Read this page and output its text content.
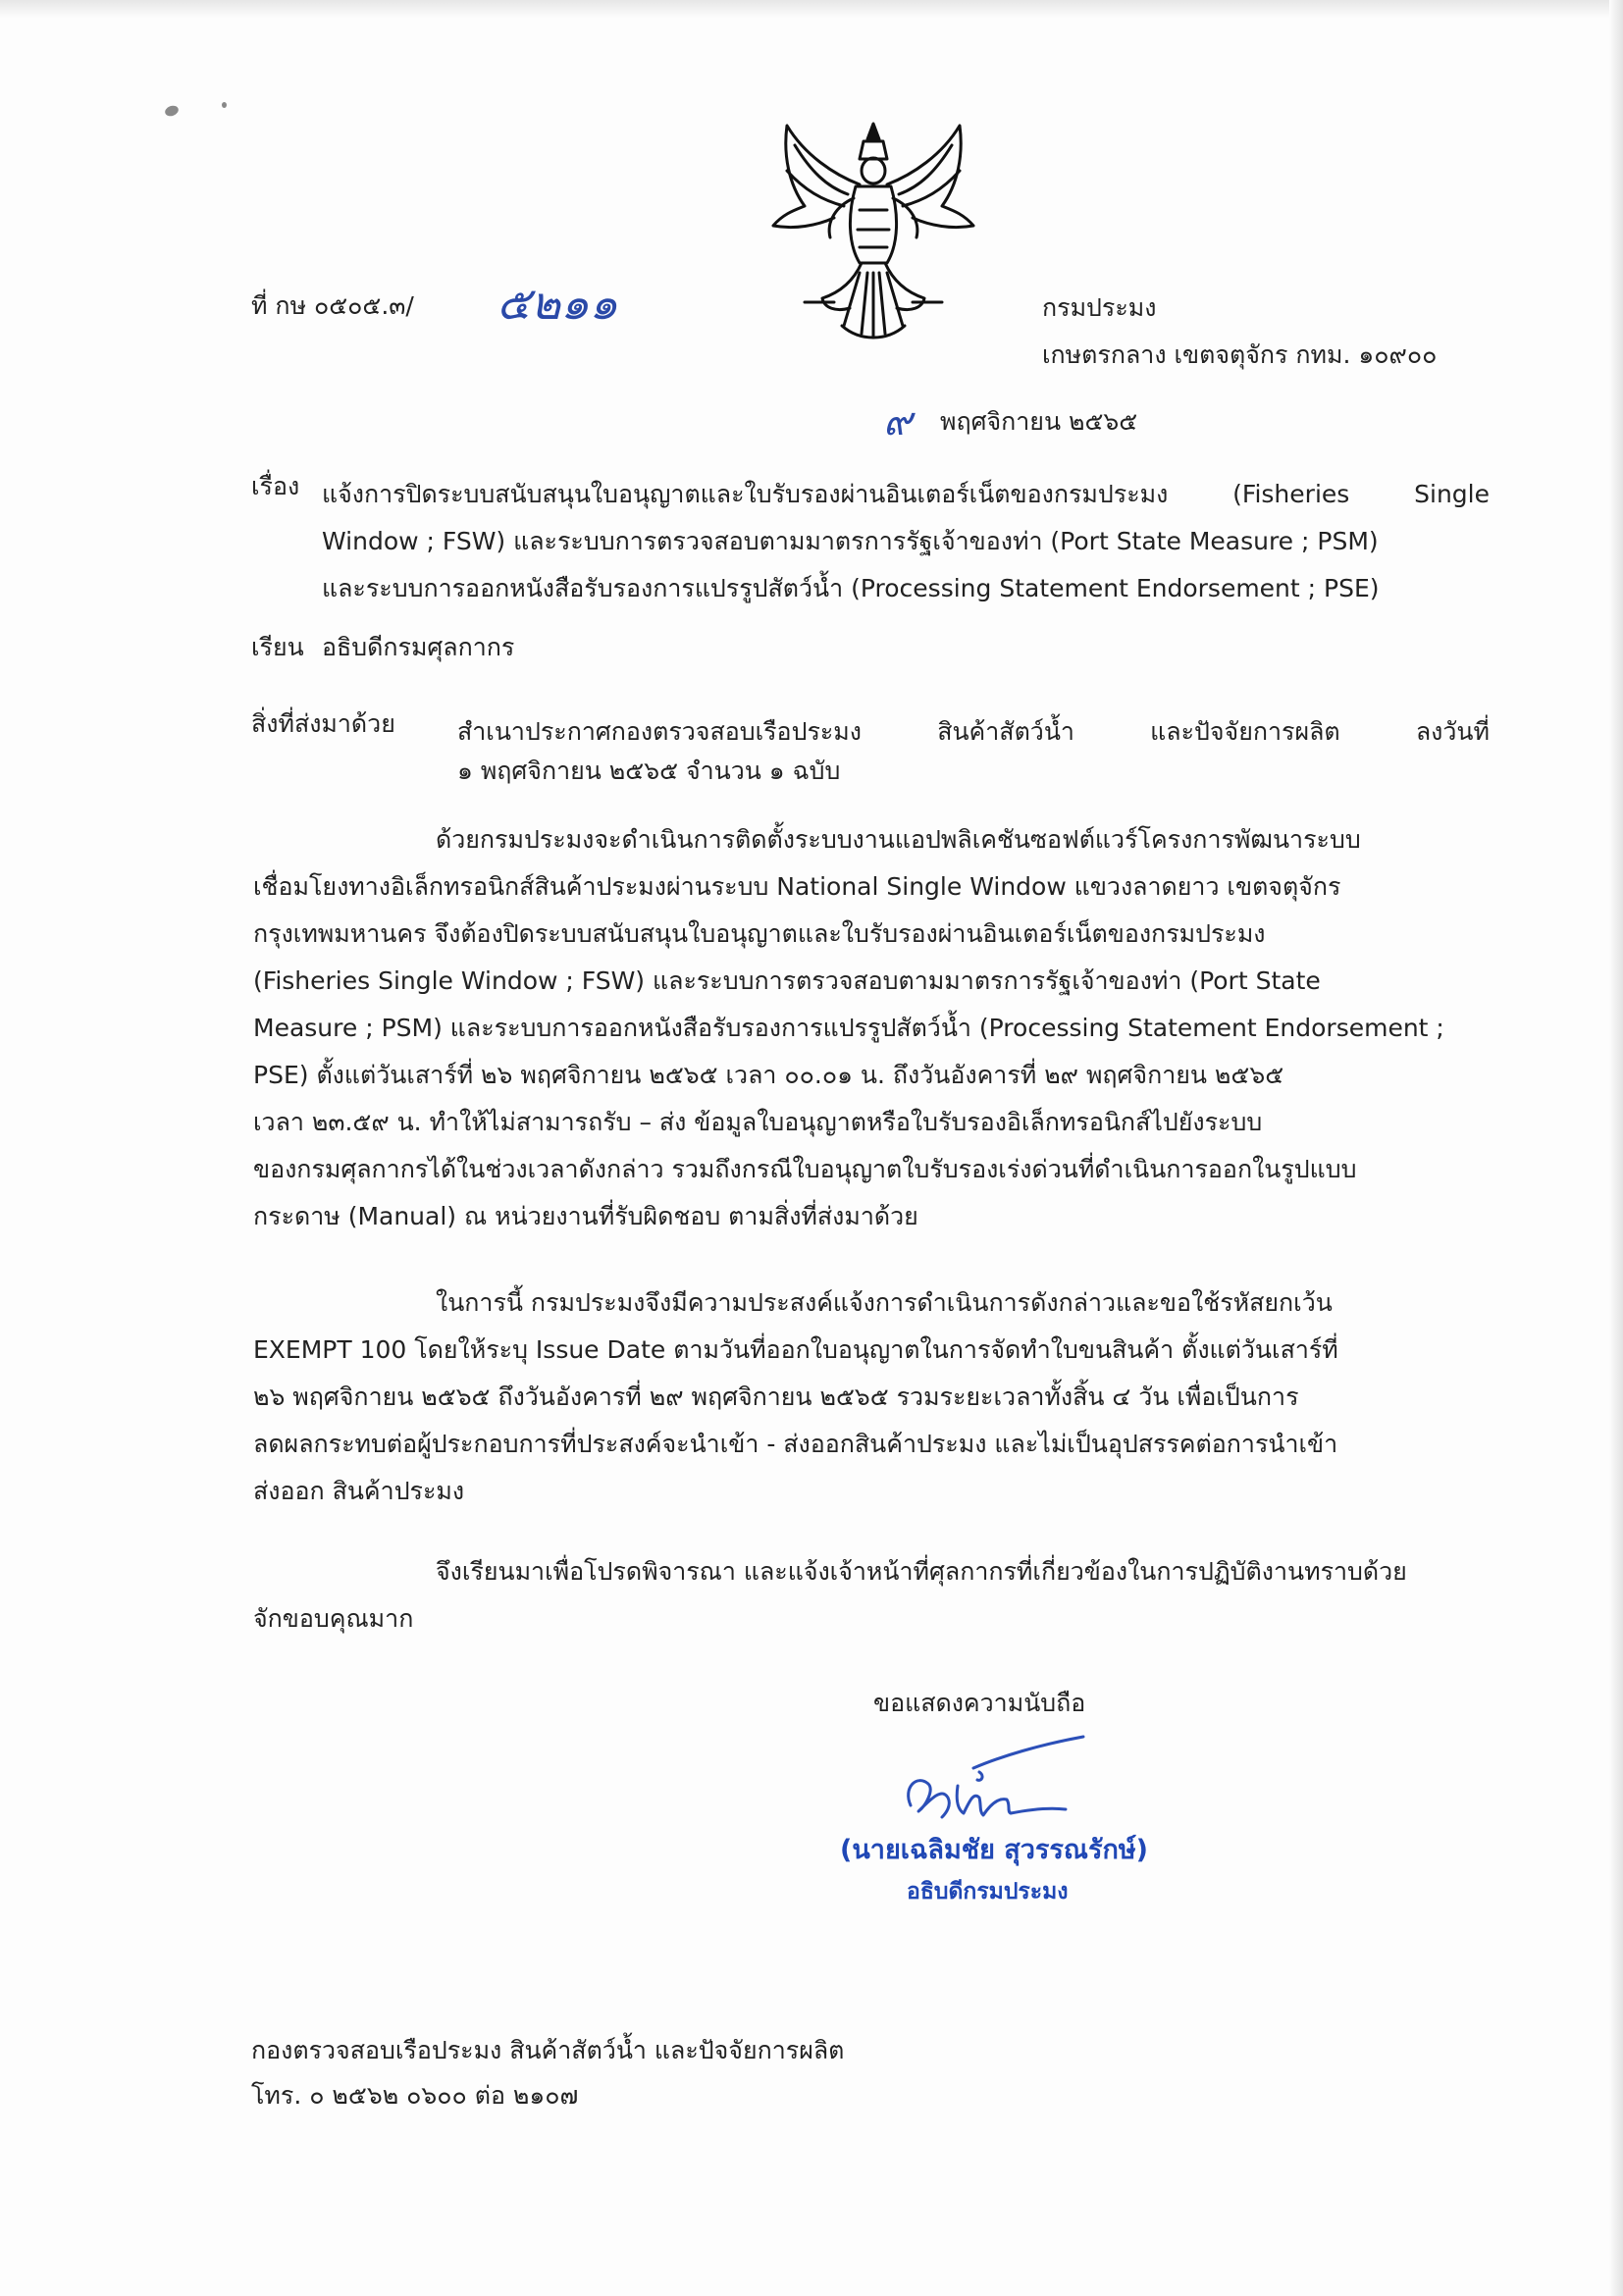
ที่ กษ ๐๕๐๕.๓/ ๕๒๑๑	กรมประมง
เกษตรกลาง เขตจตุจักร กทม. ๑๐๙๐๐
๙ พฤศจิกายน ๒๕๖๕
เรื่อง แจ้งการปิดระบบสนับสนุนใบอนุญาตและใบรับรองผ่านอินเตอร์เน็ตของกรมประมง (Fisheries Single
Window ; FSW) และระบบการตรวจสอบตามมาตรการรัฐเจ้าของท่า (Port State Measure ; PSM)
และระบบการออกหนังสือรับรองการแปรรูปสัตว์น้ำ (Processing Statement Endorsement ; PSE)
เรียน อธิบดีกรมศุลกากร
สิ่งที่ส่งมาด้วย	สำเนาประกาศกองตรวจสอบเรือประมง สินค้าสัตว์น้ำ และปัจจัยการผลิต ลงวันที่
๑ พฤศจิกายน ๒๕๖๕ จำนวน ๑ ฉบับ
ด้วยกรมประมงจะดำเนินการติดตั้งระบบงานแอปพลิเคชันซอฟต์แวร์โครงการพัฒนาระบบ
เชื่อมโยงทางอิเล็กทรอนิกส์สินค้าประมงผ่านระบบ National Single Window แขวงลาดยาว เขตจตุจักร
กรุงเทพมหานคร จึงต้องปิดระบบสนับสนุนใบอนุญาตและใบรับรองผ่านอินเตอร์เน็ตของกรมประมง
(Fisheries Single Window ; FSW) และระบบการตรวจสอบตามมาตรการรัฐเจ้าของท่า (Port State
Measure ; PSM) และระบบการออกหนังสือรับรองการแปรรูปสัตว์น้ำ (Processing Statement Endorsement ;
PSE) ตั้งแต่วันเสาร์ที่ ๒๖ พฤศจิกายน ๒๕๖๕ เวลา ๐๐.๐๑ น. ถึงวันอังคารที่ ๒๙ พฤศจิกายน ๒๕๖๕
เวลา ๒๓.๕๙ น. ทำให้ไม่สามารถรับ – ส่ง ข้อมูลใบอนุญาตหรือใบรับรองอิเล็กทรอนิกส์ไปยังระบบ
ของกรมศุลกากรได้ในช่วงเวลาดังกล่าว รวมถึงกรณีใบอนุญาตใบรับรองเร่งด่วนที่ดำเนินการออกในรูปแบบ
กระดาษ (Manual) ณ หน่วยงานที่รับผิดชอบ ตามสิ่งที่ส่งมาด้วย
ในการนี้ กรมประมงจึงมีความประสงค์แจ้งการดำเนินการดังกล่าวและขอใช้รหัสยกเว้น
EXEMPT 100 โดยให้ระบุ Issue Date ตามวันที่ออกใบอนุญาตในการจัดทำใบขนสินค้า ตั้งแต่วันเสาร์ที่
๒๖ พฤศจิกายน ๒๕๖๕ ถึงวันอังคารที่ ๒๙ พฤศจิกายน ๒๕๖๕ รวมระยะเวลาทั้งสิ้น ๔ วัน เพื่อเป็นการ
ลดผลกระทบต่อผู้ประกอบการที่ประสงค์จะนำเข้า - ส่งออกสินค้าประมง และไม่เป็นอุปสรรคต่อการนำเข้า
ส่งออก สินค้าประมง
จึงเรียนมาเพื่อโปรดพิจารณา และแจ้งเจ้าหน้าที่ศุลกากรที่เกี่ยวข้องในการปฏิบัติงานทราบด้วย
จักขอบคุณมาก
ขอแสดงความนับถือ
(นายเฉลิมชัย สุวรรณรักษ์)
อธิบดีกรมประมง
กองตรวจสอบเรือประมง สินค้าสัตว์น้ำ และปัจจัยการผลิต
โทร. ๐ ๒๕๖๒ ๐๖๐๐ ต่อ ๒๑๐๗
